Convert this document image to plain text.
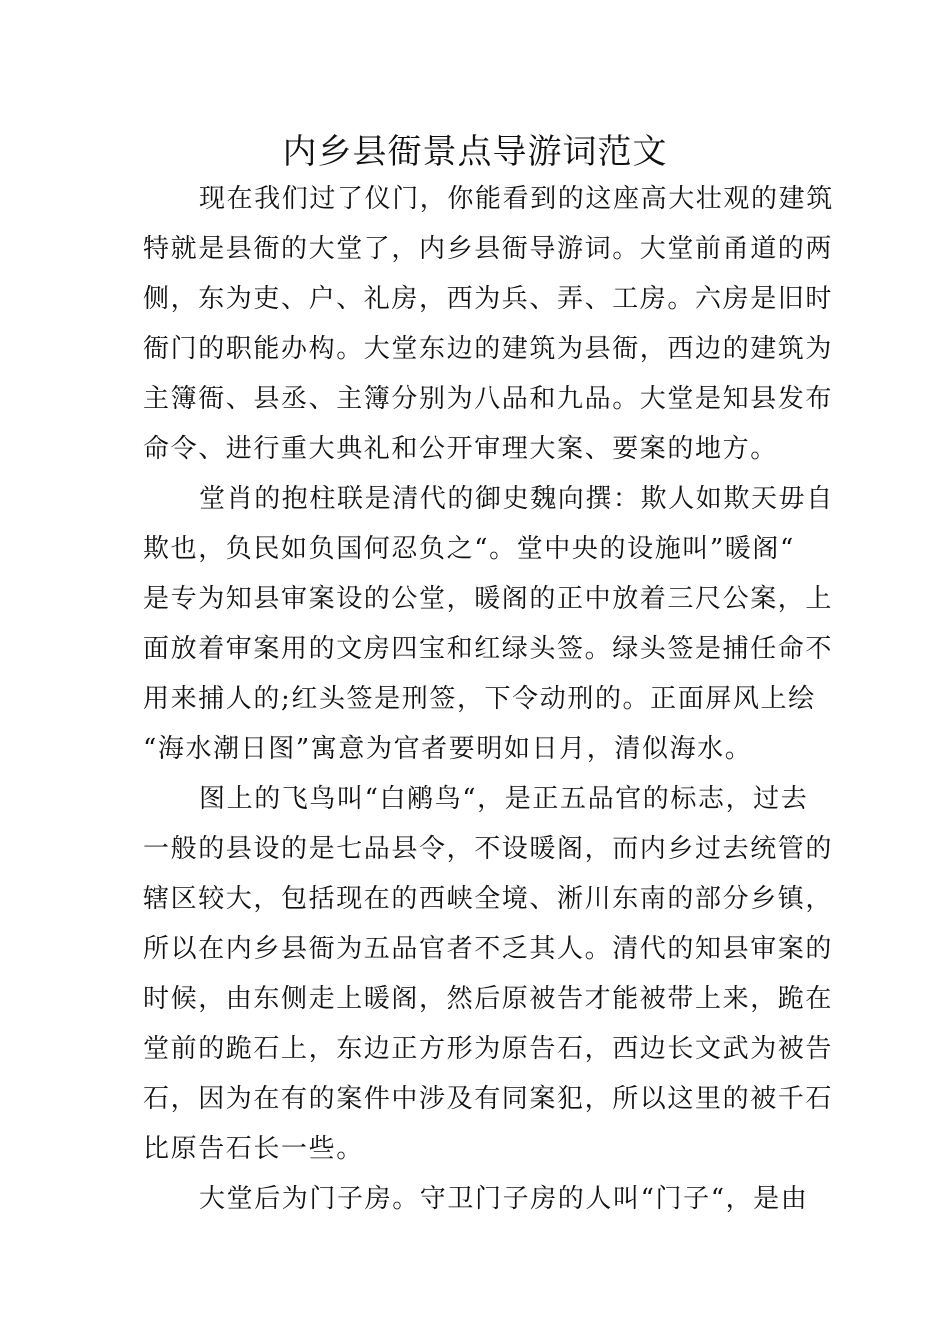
内乡县衙景点导游词范文

现在我们过了仪门，你能看到的这座高大壮观的建筑

特就是县衙的大堂了，内乡县衙导游词。大堂前甬道的两

侧，东为吏、户、礼房，西为兵、弄、工房。六房是旧时

衙门的职能办构。大堂东边的建筑为县衙，西边的建筑为

主簿衙、县丞、主簿分别为八品和九品。大堂是知县发布

命令、进行重大典礼和公开审理大案、要案的地方。

堂肖的抱柱联是清代的御史魏向撰：欺人如欺天毋自

欺也，负民如负国何忍负之“。堂中央的设施叫”暖阁“

是专为知县审案设的公堂，暖阁的正中放着三尺公案，上

面放着审案用的文房四宝和红绿头签。绿头签是捕任命不

用来捕人的;红头签是刑签，下令动刑的。正面屏风上绘

“海水潮日图”寓意为官者要明如日月，清似海水。

图上的飞鸟叫“白鹇鸟“，是正五品官的标志，过去

一般的县设的是七品县令，不设暖阁，而内乡过去统管的

辖区较大，包括现在的西峡全境、淅川东南的部分乡镇，

所以在内乡县衙为五品官者不乏其人。清代的知县审案的

时候，由东侧走上暖阁，然后原被告才能被带上来，跪在

堂前的跪石上，东边正方形为原告石，西边长文武为被告

石，因为在有的案件中涉及有同案犯，所以这里的被千石

比原告石长一些。

大堂后为门子房。守卫门子房的人叫“门子“，是由
